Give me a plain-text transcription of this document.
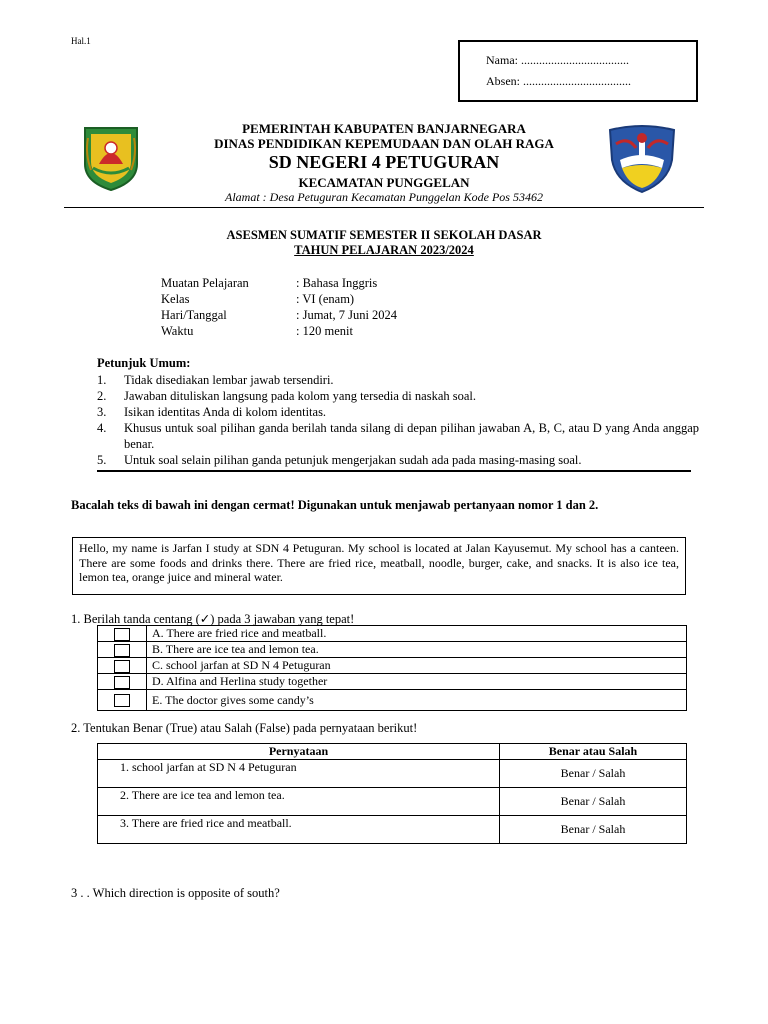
Hal.1
Nama: ....................................
Absen: ....................................
PEMERINTAH KABUPATEN BANJARNEGARA
DINAS PENDIDIKAN KEPEMUDAAN DAN OLAH RAGA
SD NEGERI 4 PETUGURAN
KECAMATAN PUNGGELAN
Alamat : Desa Petuguran Kecamatan Punggelan Kode Pos 53462
ASESMEN SUMATIF SEMESTER II SEKOLAH DASAR
TAHUN PELAJARAN 2023/2024
Muatan Pelajaran	: Bahasa Inggris
Kelas	: VI (enam)
Hari/Tanggal	: Jumat, 7 Juni 2024
Waktu	: 120 menit
Petunjuk Umum:
1. Tidak disediakan lembar jawab tersendiri.
2. Jawaban dituliskan langsung pada kolom yang tersedia di naskah soal.
3. Isikan identitas Anda di kolom identitas.
4. Khusus untuk soal pilihan ganda berilah tanda silang di depan pilihan jawaban A, B, C, atau D yang Anda anggap benar.
5. Untuk soal selain pilihan ganda petunjuk mengerjakan sudah ada pada masing-masing soal.
Bacalah teks di bawah ini dengan cermat! Digunakan untuk menjawab pertanyaan nomor 1 dan 2.
Hello, my name is Jarfan I study at SDN 4 Petuguran. My school is located at Jalan Kayusemut. My school has a canteen. There are some foods and drinks there. There are fried rice, meatball, noodle, burger, cake, and snacks. It is also ice tea, lemon tea, orange juice and mineral water.
1. Berilah tanda centang (✓) pada 3 jawaban yang tepat!
	A. There are fried rice and meatball.
	B. There are ice tea and lemon tea.
	C. school jarfan at SD N 4 Petuguran
	D. Alfina and Herlina study together
	E. The doctor gives some candy’s
2. Tentukan Benar (True) atau Salah (False) pada pernyataan berikut!
Pernyataan	Benar atau Salah
1. school jarfan at SD N 4 Petuguran	Benar / Salah
2. There are ice tea and lemon tea.	Benar / Salah
3. There are fried rice and meatball.	Benar / Salah
3 . . Which direction is opposite of south?
